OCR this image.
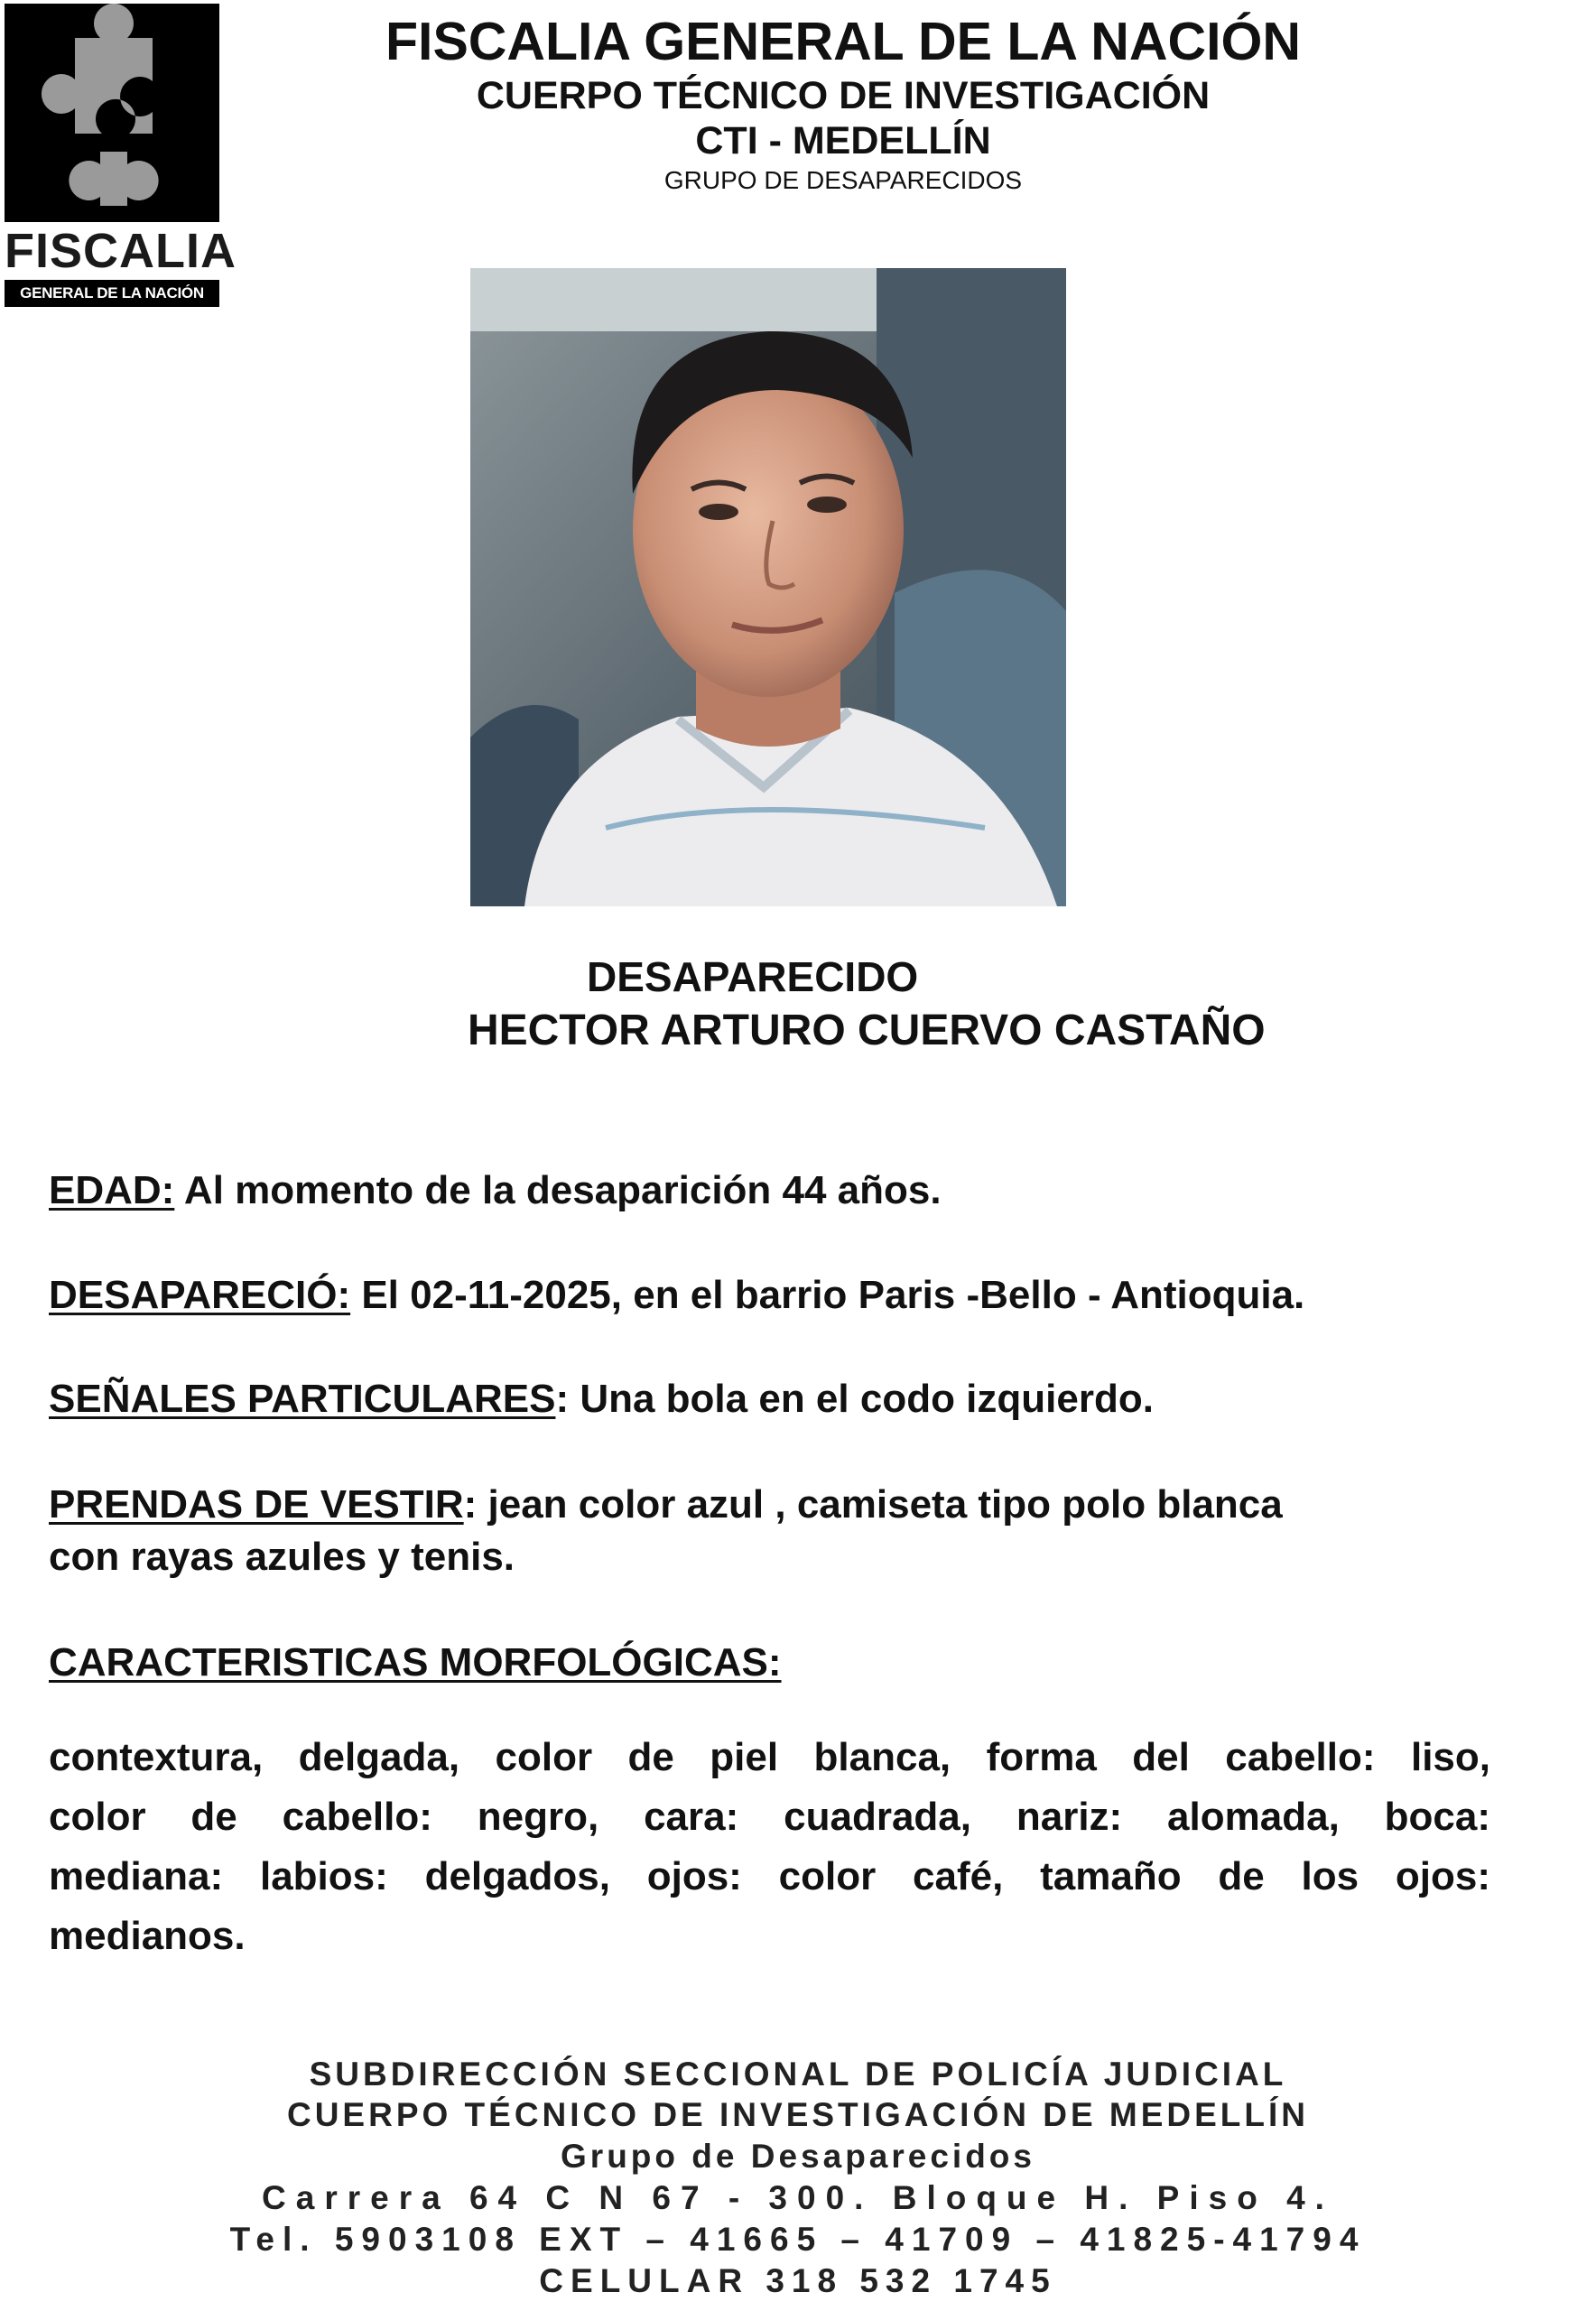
FISCALIA
GENERAL DE LA NACIÓN
FISCALIA GENERAL DE LA NACIÓN
CUERPO TÉCNICO DE INVESTIGACIÓN
CTI - MEDELLÍN
GRUPO DE DESAPARECIDOS
DESAPARECIDO
HECTOR ARTURO CUERVO CASTAÑO
EDAD: Al momento de la desaparición 44 años.
DESAPARECIÓ: El 02-11-2025, en el barrio Paris -Bello - Antioquia.
SEÑALES PARTICULARES: Una bola en el codo izquierdo.
PRENDAS DE VESTIR: jean color azul , camiseta tipo polo blanca
con rayas azules y tenis.
CARACTERISTICAS MORFOLÓGICAS:
contextura, delgada, color de piel blanca, forma del cabello: liso,
color de cabello: negro, cara: cuadrada, nariz: alomada, boca:
mediana: labios: delgados, ojos: color café, tamaño de los ojos:
medianos.
SUBDIRECCIÓN SECCIONAL DE POLICÍA JUDICIAL
CUERPO TÉCNICO DE INVESTIGACIÓN DE MEDELLÍN
Grupo de Desaparecidos
Carrera 64 C N 67 - 300. Bloque H. Piso 4.
Tel. 5903108 EXT – 41665 – 41709 – 41825-41794
CELULAR 318 532 1745
